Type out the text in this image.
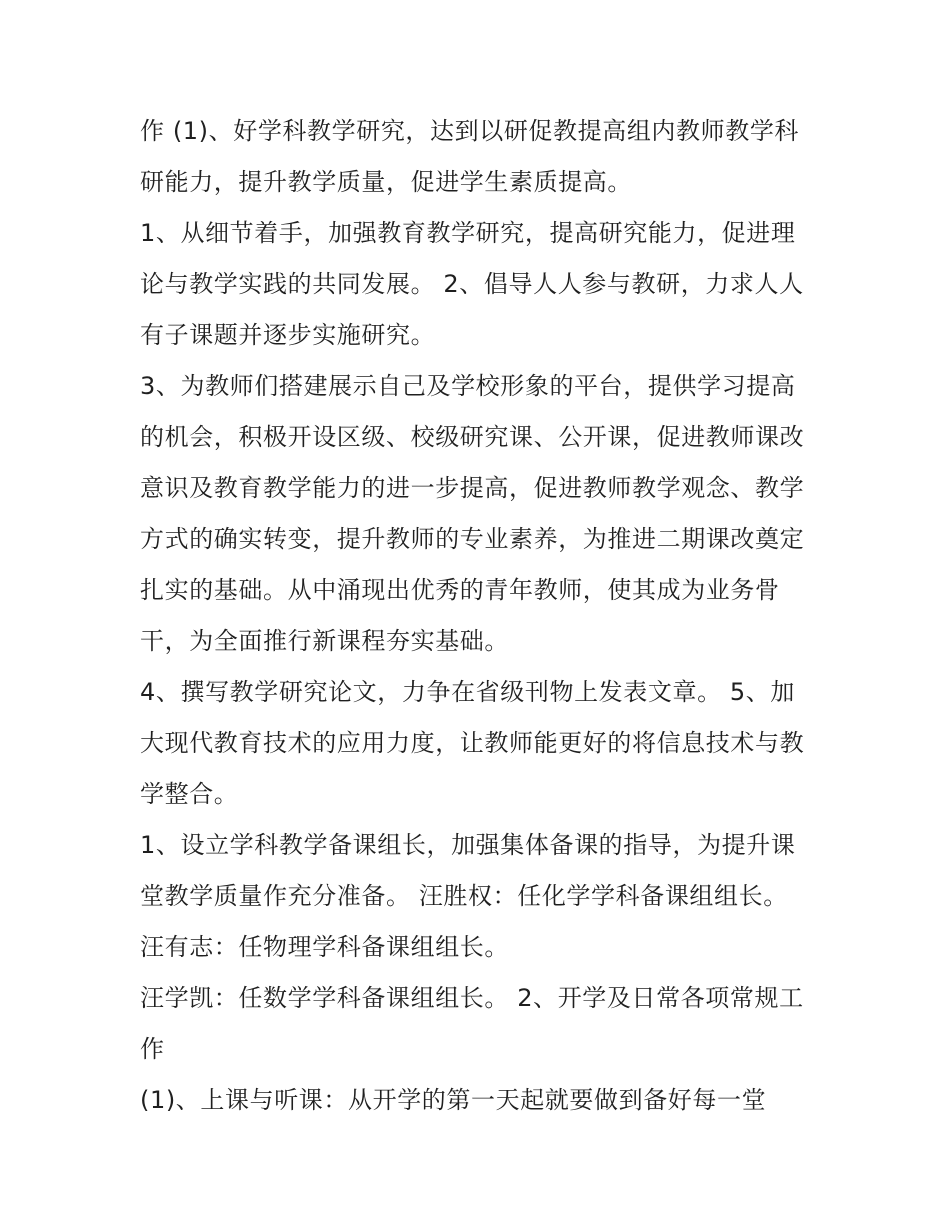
作 (1)、好学科教学研究，达到以研促教提高组内教师教学科
研能力，提升教学质量，促进学生素质提高。
1、从细节着手，加强教育教学研究，提高研究能力，促进理
论与教学实践的共同发展。 2、倡导人人参与教研，力求人人
有子课题并逐步实施研究。
3、为教师们搭建展示自己及学校形象的平台，提供学习提高
的机会，积极开设区级、校级研究课、公开课，促进教师课改
意识及教育教学能力的进一步提高，促进教师教学观念、教学
方式的确实转变，提升教师的专业素养，为推进二期课改奠定
扎实的基础。从中涌现出优秀的青年教师，使其成为业务骨
干，为全面推行新课程夯实基础。
4、撰写教学研究论文，力争在省级刊物上发表文章。 5、加
大现代教育技术的应用力度，让教师能更好的将信息技术与教
学整合。
1、设立学科教学备课组长，加强集体备课的指导，为提升课
堂教学质量作充分准备。 汪胜权：任化学学科备课组组长。
汪有志：任物理学科备课组组长。
汪学凯：任数学学科备课组组长。 2、开学及日常各项常规工
作
(1)、上课与听课：从开学的第一天起就要做到备好每一堂
